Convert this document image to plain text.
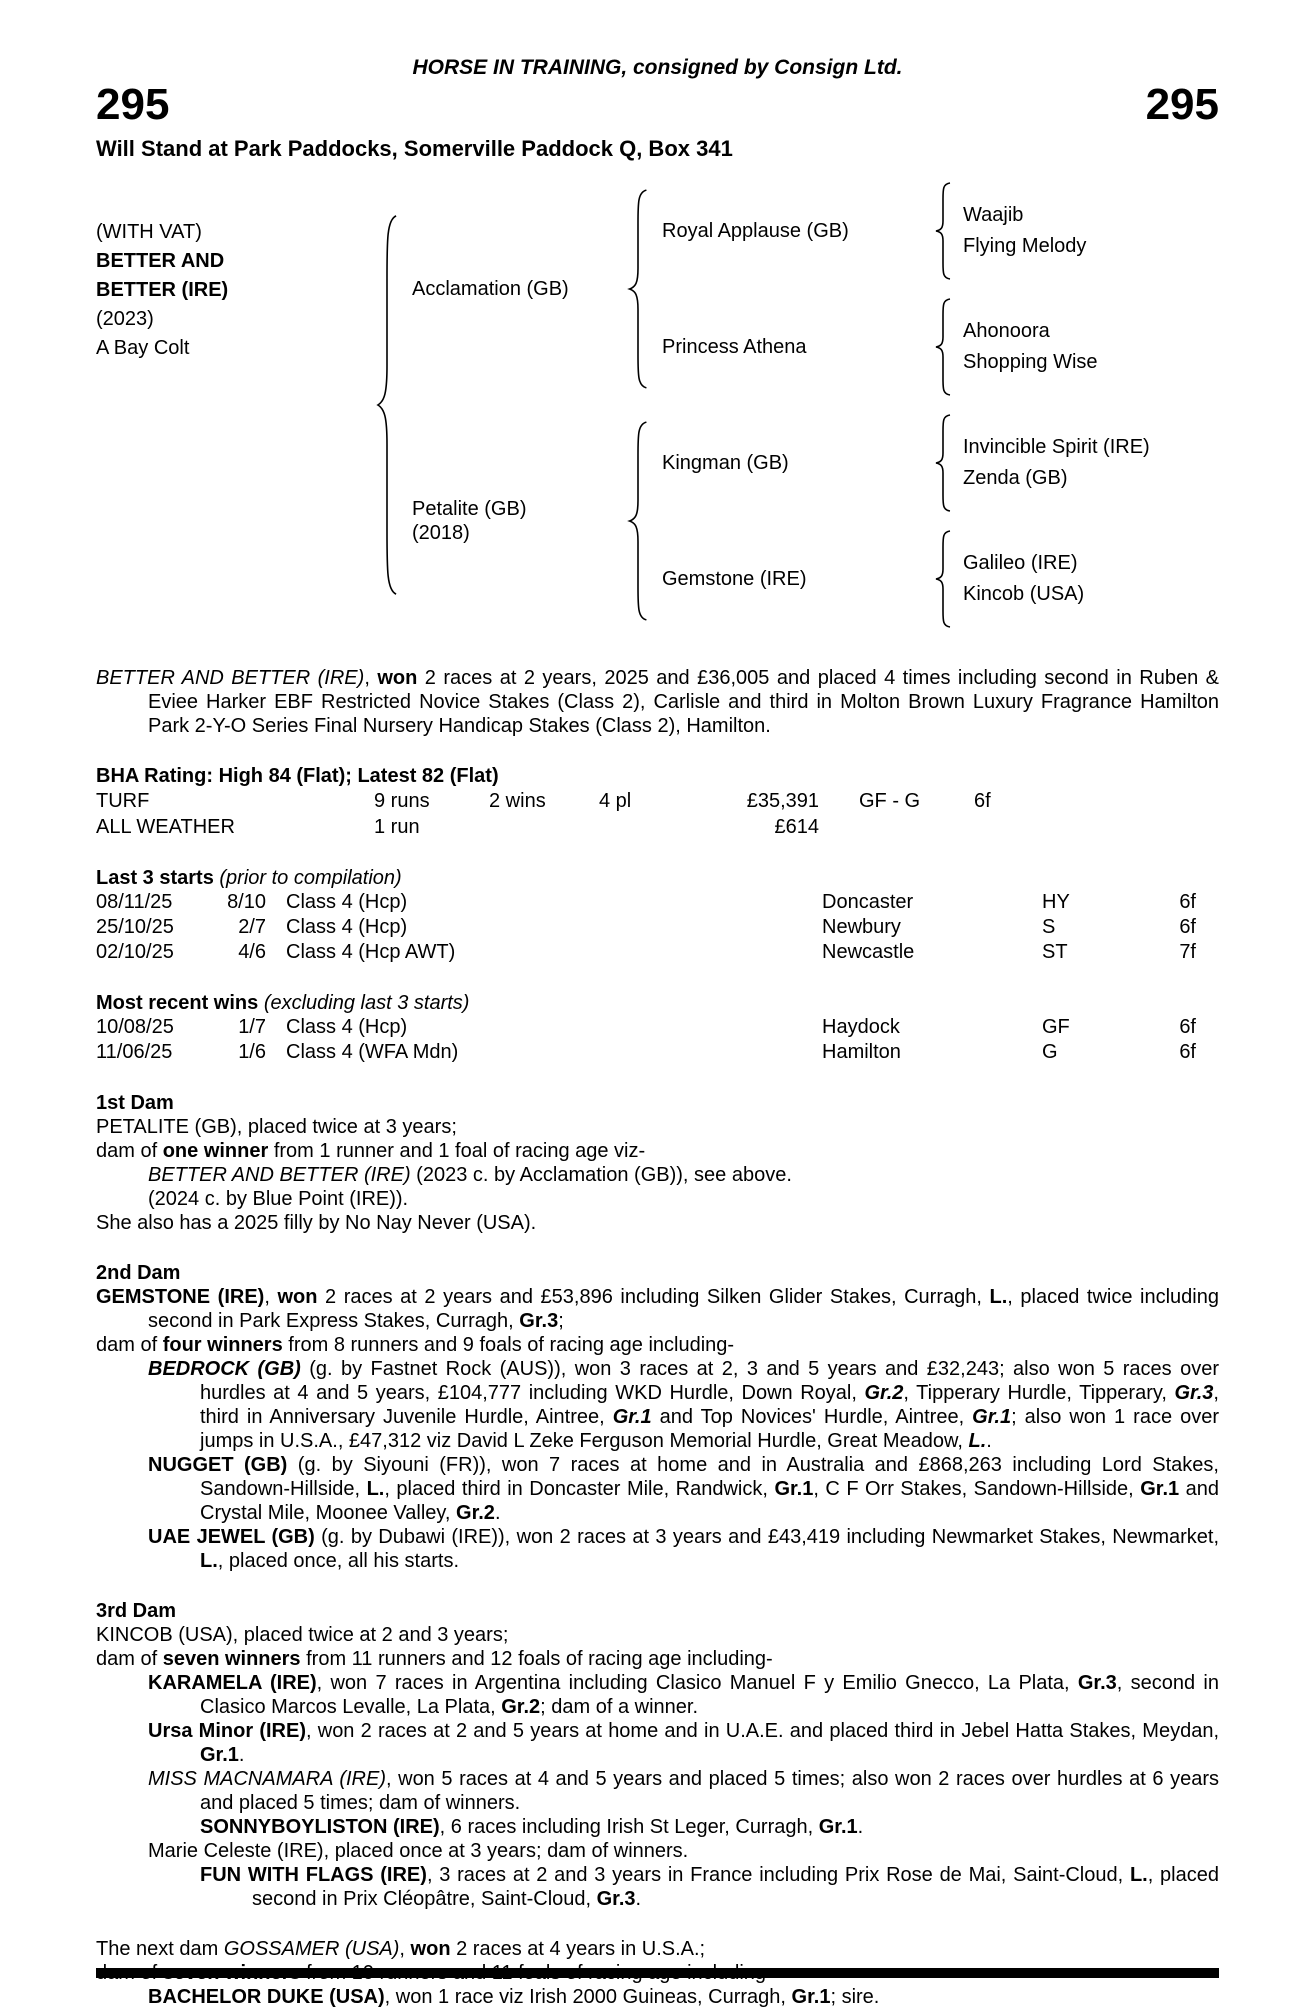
HORSE IN TRAINING, consigned by Consign Ltd.
295	295
Will Stand at Park Paddocks, Somerville Paddock Q, Box 341
(WITH VAT)
BETTER AND BETTER (IRE)
(2023)
A Bay Colt
Acclamation (GB)
Royal Applause (GB)
Waajib
Flying Melody
Princess Athena
Ahonoora
Shopping Wise
Petalite (GB)
(2018)
Kingman (GB)
Invincible Spirit (IRE)
Zenda (GB)
Gemstone (IRE)
Galileo (IRE)
Kincob (USA)
BETTER AND BETTER (IRE), won 2 races at 2 years, 2025 and £36,005 and placed 4 times including second in Ruben & Eviee Harker EBF Restricted Novice Stakes (Class 2), Carlisle and third in Molton Brown Luxury Fragrance Hamilton Park 2-Y-O Series Final Nursery Handicap Stakes (Class 2), Hamilton.
BHA Rating: High 84 (Flat); Latest 82 (Flat)
TURF	9 runs	2 wins	4 pl	£35,391	GF - G	6f
ALL WEATHER	1 run	£614
Last 3 starts (prior to compilation)
08/11/25	8/10	Class 4 (Hcp)	Doncaster	HY	6f
25/10/25	2/7	Class 4 (Hcp)	Newbury	S	6f
02/10/25	4/6	Class 4 (Hcp AWT)	Newcastle	ST	7f
Most recent wins (excluding last 3 starts)
10/08/25	1/7	Class 4 (Hcp)	Haydock	GF	6f
11/06/25	1/6	Class 4 (WFA Mdn)	Hamilton	G	6f
1st Dam
PETALITE (GB), placed twice at 3 years;
dam of one winner from 1 runner and 1 foal of racing age viz-
BETTER AND BETTER (IRE) (2023 c. by Acclamation (GB)), see above.
(2024 c. by Blue Point (IRE)).
She also has a 2025 filly by No Nay Never (USA).
2nd Dam
GEMSTONE (IRE), won 2 races at 2 years and £53,896 including Silken Glider Stakes, Curragh, L., placed twice including second in Park Express Stakes, Curragh, Gr.3;
dam of four winners from 8 runners and 9 foals of racing age including-
BEDROCK (GB) (g. by Fastnet Rock (AUS)), won 3 races at 2, 3 and 5 years and £32,243; also won 5 races over hurdles at 4 and 5 years, £104,777 including WKD Hurdle, Down Royal, Gr.2, Tipperary Hurdle, Tipperary, Gr.3, third in Anniversary Juvenile Hurdle, Aintree, Gr.1 and Top Novices' Hurdle, Aintree, Gr.1; also won 1 race over jumps in U.S.A., £47,312 viz David L Zeke Ferguson Memorial Hurdle, Great Meadow, L..
NUGGET (GB) (g. by Siyouni (FR)), won 7 races at home and in Australia and £868,263 including Lord Stakes, Sandown-Hillside, L., placed third in Doncaster Mile, Randwick, Gr.1, C F Orr Stakes, Sandown-Hillside, Gr.1 and Crystal Mile, Moonee Valley, Gr.2.
UAE JEWEL (GB) (g. by Dubawi (IRE)), won 2 races at 3 years and £43,419 including Newmarket Stakes, Newmarket, L., placed once, all his starts.
3rd Dam
KINCOB (USA), placed twice at 2 and 3 years;
dam of seven winners from 11 runners and 12 foals of racing age including-
KARAMELA (IRE), won 7 races in Argentina including Clasico Manuel F y Emilio Gnecco, La Plata, Gr.3, second in Clasico Marcos Levalle, La Plata, Gr.2; dam of a winner.
Ursa Minor (IRE), won 2 races at 2 and 5 years at home and in U.A.E. and placed third in Jebel Hatta Stakes, Meydan, Gr.1.
MISS MACNAMARA (IRE), won 5 races at 4 and 5 years and placed 5 times; also won 2 races over hurdles at 6 years and placed 5 times; dam of winners.
SONNYBOYLISTON (IRE), 6 races including Irish St Leger, Curragh, Gr.1.
Marie Celeste (IRE), placed once at 3 years; dam of winners.
FUN WITH FLAGS (IRE), 3 races at 2 and 3 years in France including Prix Rose de Mai, Saint-Cloud, L., placed second in Prix Cléopâtre, Saint-Cloud, Gr.3.
The next dam GOSSAMER (USA), won 2 races at 4 years in U.S.A.;
BACHELOR DUKE (USA), won 1 race viz Irish 2000 Guineas, Curragh, Gr.1; sire.
